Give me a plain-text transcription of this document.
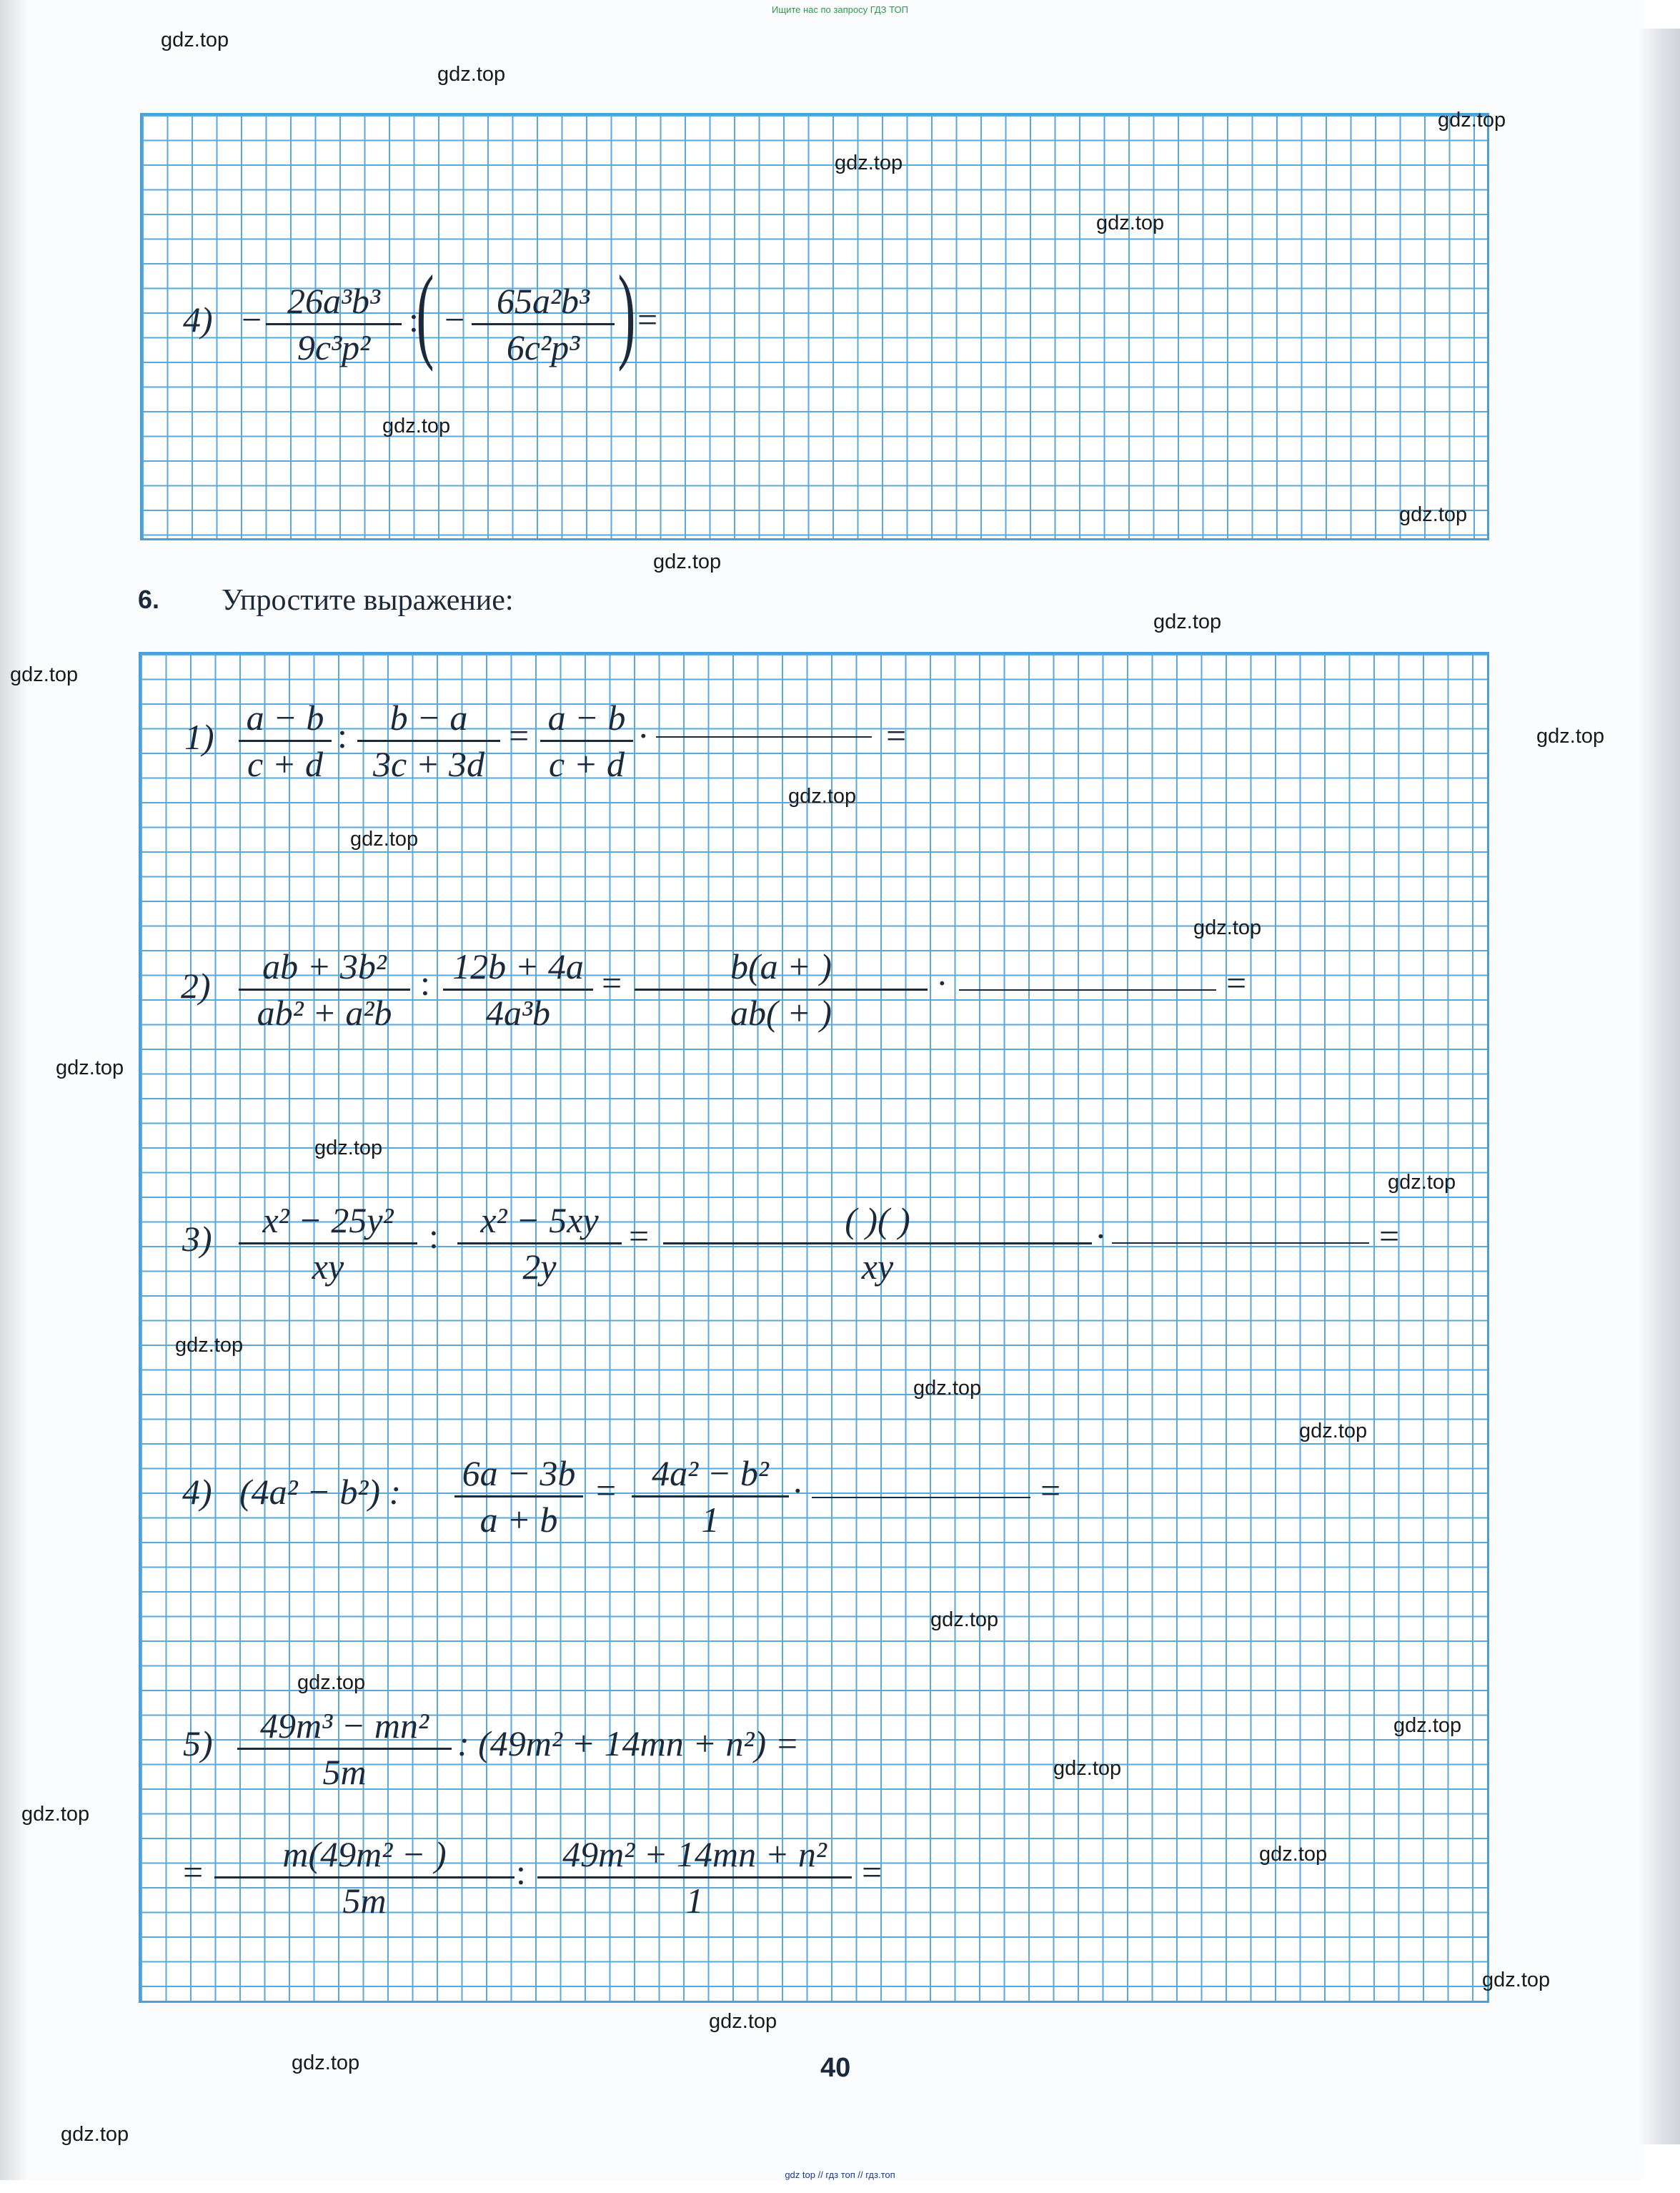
Ищите нас по запросу ГДЗ ТОП
4) − 26a³b³
9c³p²
:
( − 65a²b³
6c²p³ ) =
6. Упростите выражение:
1) a − b
c + d
:	b − a
3c + 3d
= a − b
c + d
·	=
2)	ab + 3b²
ab² + a²b
: 12b + 4a
4a³b
=	b(a + )
ab( + )
·	=
3)	x² − 25y²
xy
:	x² − 5xy
2y
=	( )( )
xy
·	=
4) (4a² − b²) : 6a − 3b
a + b
= 4a² − b²
1
·	=
5)	49m³ − mn²
5m
: (49m² + 14mn + n²) =
=	m(49m² − )
5m
:	49m² + 14mn + n²
1
=
40
gdz.top
gdz.top
gdz.top
gdz.top
gdz.top
gdz.top
gdz.top
gdz.top
gdz.top
gdz.top
gdz.top
gdz.top
gdz.top
gdz.top
gdz.top
gdz.top
gdz.top
gdz.top
gdz.top
gdz.top
gdz.top
gdz.top
gdz.top
gdz.top
gdz.top
gdz.top
gdz.top
gdz.top
gdz.top
gdz.top
gdz top // гдз топ // гдз.топ
